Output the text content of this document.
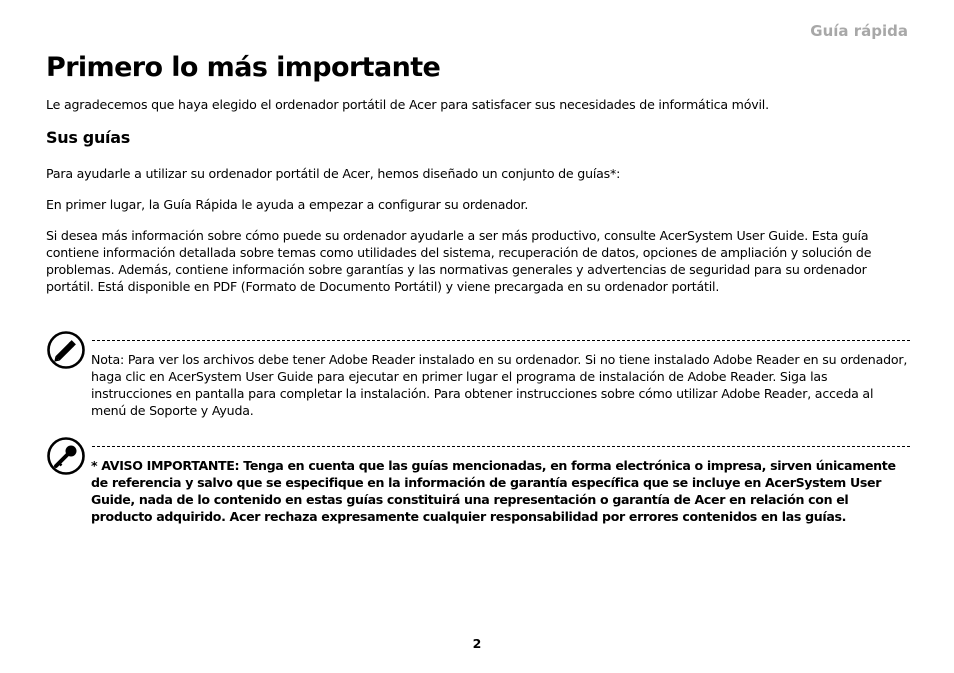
Guía rápida
Primero lo más importante

Le agradecemos que haya elegido el ordenador portátil de Acer para satisfacer sus necesidades de informática móvil.

Sus guías

Para ayudarle a utilizar su ordenador portátil de Acer, hemos diseñado un conjunto de guías*:

En primer lugar, la Guía Rápida le ayuda a empezar a configurar su ordenador.

Si desea más información sobre cómo puede su ordenador ayudarle a ser más productivo, consulte AcerSystem User Guide. Esta guía contiene información detallada sobre temas como utilidades del sistema, recuperación de datos, opciones de ampliación y solución de problemas. Además, contiene información sobre garantías y las normativas generales y advertencias de seguridad para su ordenador portátil. Está disponible en PDF (Formato de Documento Portátil) y viene precargada en su ordenador portátil.

Nota: Para ver los archivos debe tener Adobe Reader instalado en su ordenador. Si no tiene instalado Adobe Reader en su ordenador, haga clic en AcerSystem User Guide para ejecutar en primer lugar el programa de instalación de Adobe Reader. Siga las instrucciones en pantalla para completar la instalación. Para obtener instrucciones sobre cómo utilizar Adobe Reader, acceda al menú de Soporte y Ayuda.

* AVISO IMPORTANTE: Tenga en cuenta que las guías mencionadas, en forma electrónica o impresa, sirven únicamente de referencia y salvo que se especifique en la información de garantía específica que se incluye en AcerSystem User Guide, nada de lo contenido en estas guías constituirá una representación o garantía de Acer en relación con el producto adquirido. Acer rechaza expresamente cualquier responsabilidad por errores contenidos en las guías.

2
